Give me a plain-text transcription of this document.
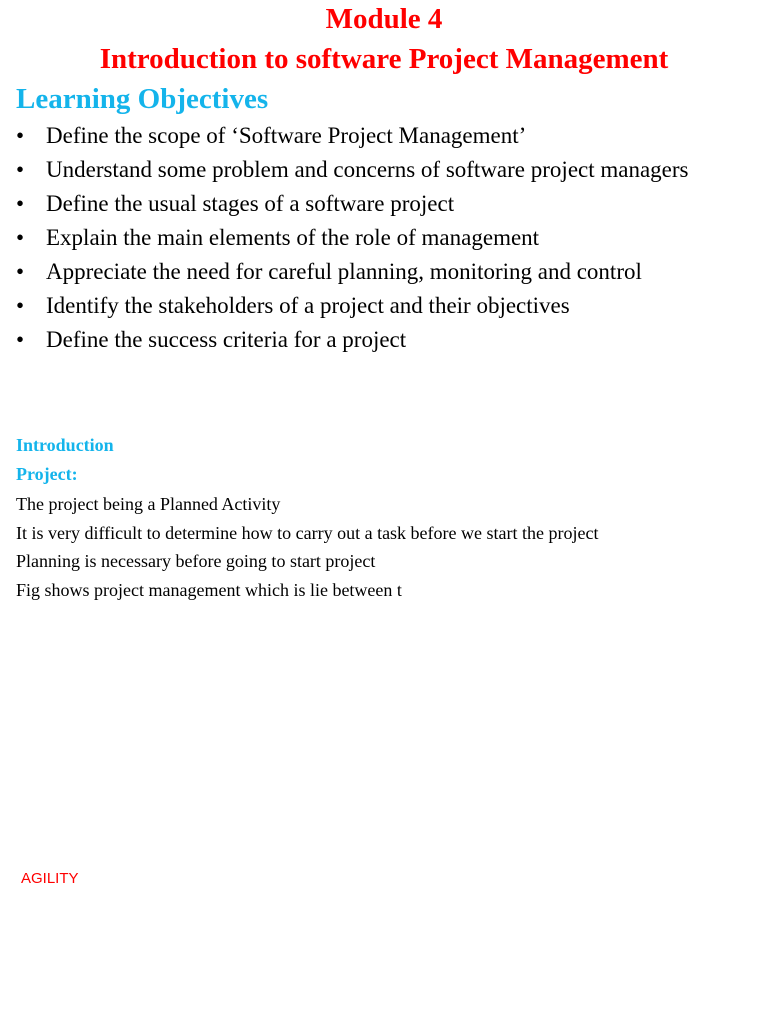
Module 4
Introduction to software Project Management
Learning Objectives
• Define the scope of ‘Software Project Management’
• Understand some problem and concerns of software project managers
• Define the usual stages of a software project
• Explain the main elements of the role of management
• Appreciate the need for careful planning, monitoring and control
• Identify the stakeholders of a project and their objectives
• Define the success criteria for a project
Introduction
Project:
The project being a Planned Activity
It is very difficult to determine how to carry out a task before we start the project
Planning is necessary before going to start project
Fig shows project management which is lie between t
AGILITY
